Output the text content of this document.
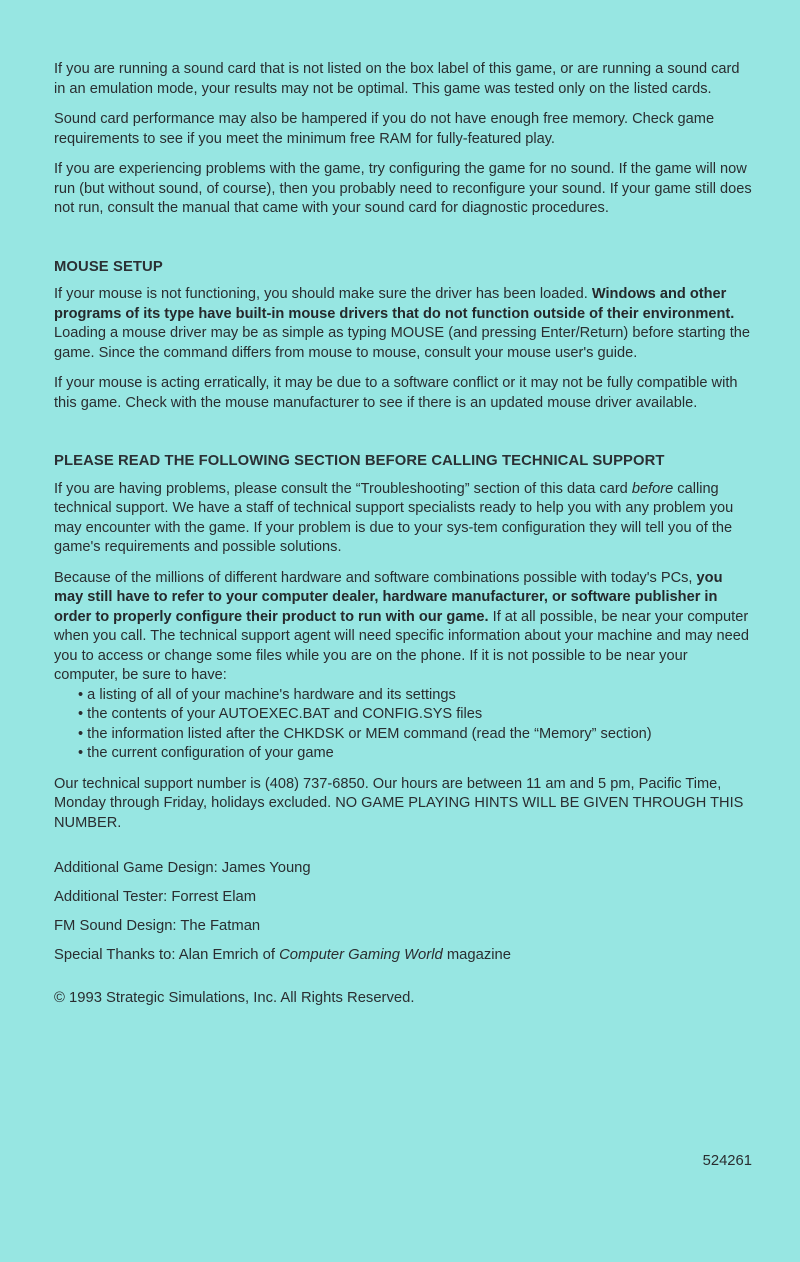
If you are running a sound card that is not listed on the box label of this game, or are running a sound card in an emulation mode, your results may not be optimal. This game was tested only on the listed cards.

Sound card performance may also be hampered if you do not have enough free memory. Check game requirements to see if you meet the minimum free RAM for fully-featured play.

If you are experiencing problems with the game, try configuring the game for no sound. If the game will now run (but without sound, of course), then you probably need to reconfigure your sound. If your game still does not run, consult the manual that came with your sound card for diagnostic procedures.

MOUSE SETUP

If your mouse is not functioning, you should make sure the driver has been loaded. Windows and other programs of its type have built-in mouse drivers that do not function outside of their environment. Loading a mouse driver may be as simple as typing MOUSE (and pressing Enter/Return) before starting the game. Since the command differs from mouse to mouse, consult your mouse user's guide.

If your mouse is acting erratically, it may be due to a software conflict or it may not be fully compatible with this game. Check with the mouse manufacturer to see if there is an updated mouse driver available.

PLEASE READ THE FOLLOWING SECTION BEFORE CALLING TECHNICAL SUPPORT

If you are having problems, please consult the “Troubleshooting” section of this data card before calling technical support. We have a staff of technical support specialists ready to help you with any problem you may encounter with the game. If your problem is due to your sys-tem configuration they will tell you of the game's requirements and possible solutions.

Because of the millions of different hardware and software combinations possible with today's PCs, you may still have to refer to your computer dealer, hardware manufacturer, or software publisher in order to properly configure their product to run with our game. If at all possible, be near your computer when you call. The technical support agent will need specific information about your machine and may need you to access or change some files while you are on the phone. If it is not possible to be near your computer, be sure to have:

• a listing of all of your machine's hardware and its settings
• the contents of your AUTOEXEC.BAT and CONFIG.SYS files
• the information listed after the CHKDSK or MEM command (read the “Memory” section)
• the current configuration of your game

Our technical support number is (408) 737-6850. Our hours are between 11 am and 5 pm, Pacific Time, Monday through Friday, holidays excluded. NO GAME PLAYING HINTS WILL BE GIVEN THROUGH THIS NUMBER.

Additional Game Design: James Young

Additional Tester: Forrest Elam

FM Sound Design: The Fatman

Special Thanks to: Alan Emrich of Computer Gaming World magazine

© 1993 Strategic Simulations, Inc. All Rights Reserved.
524261
